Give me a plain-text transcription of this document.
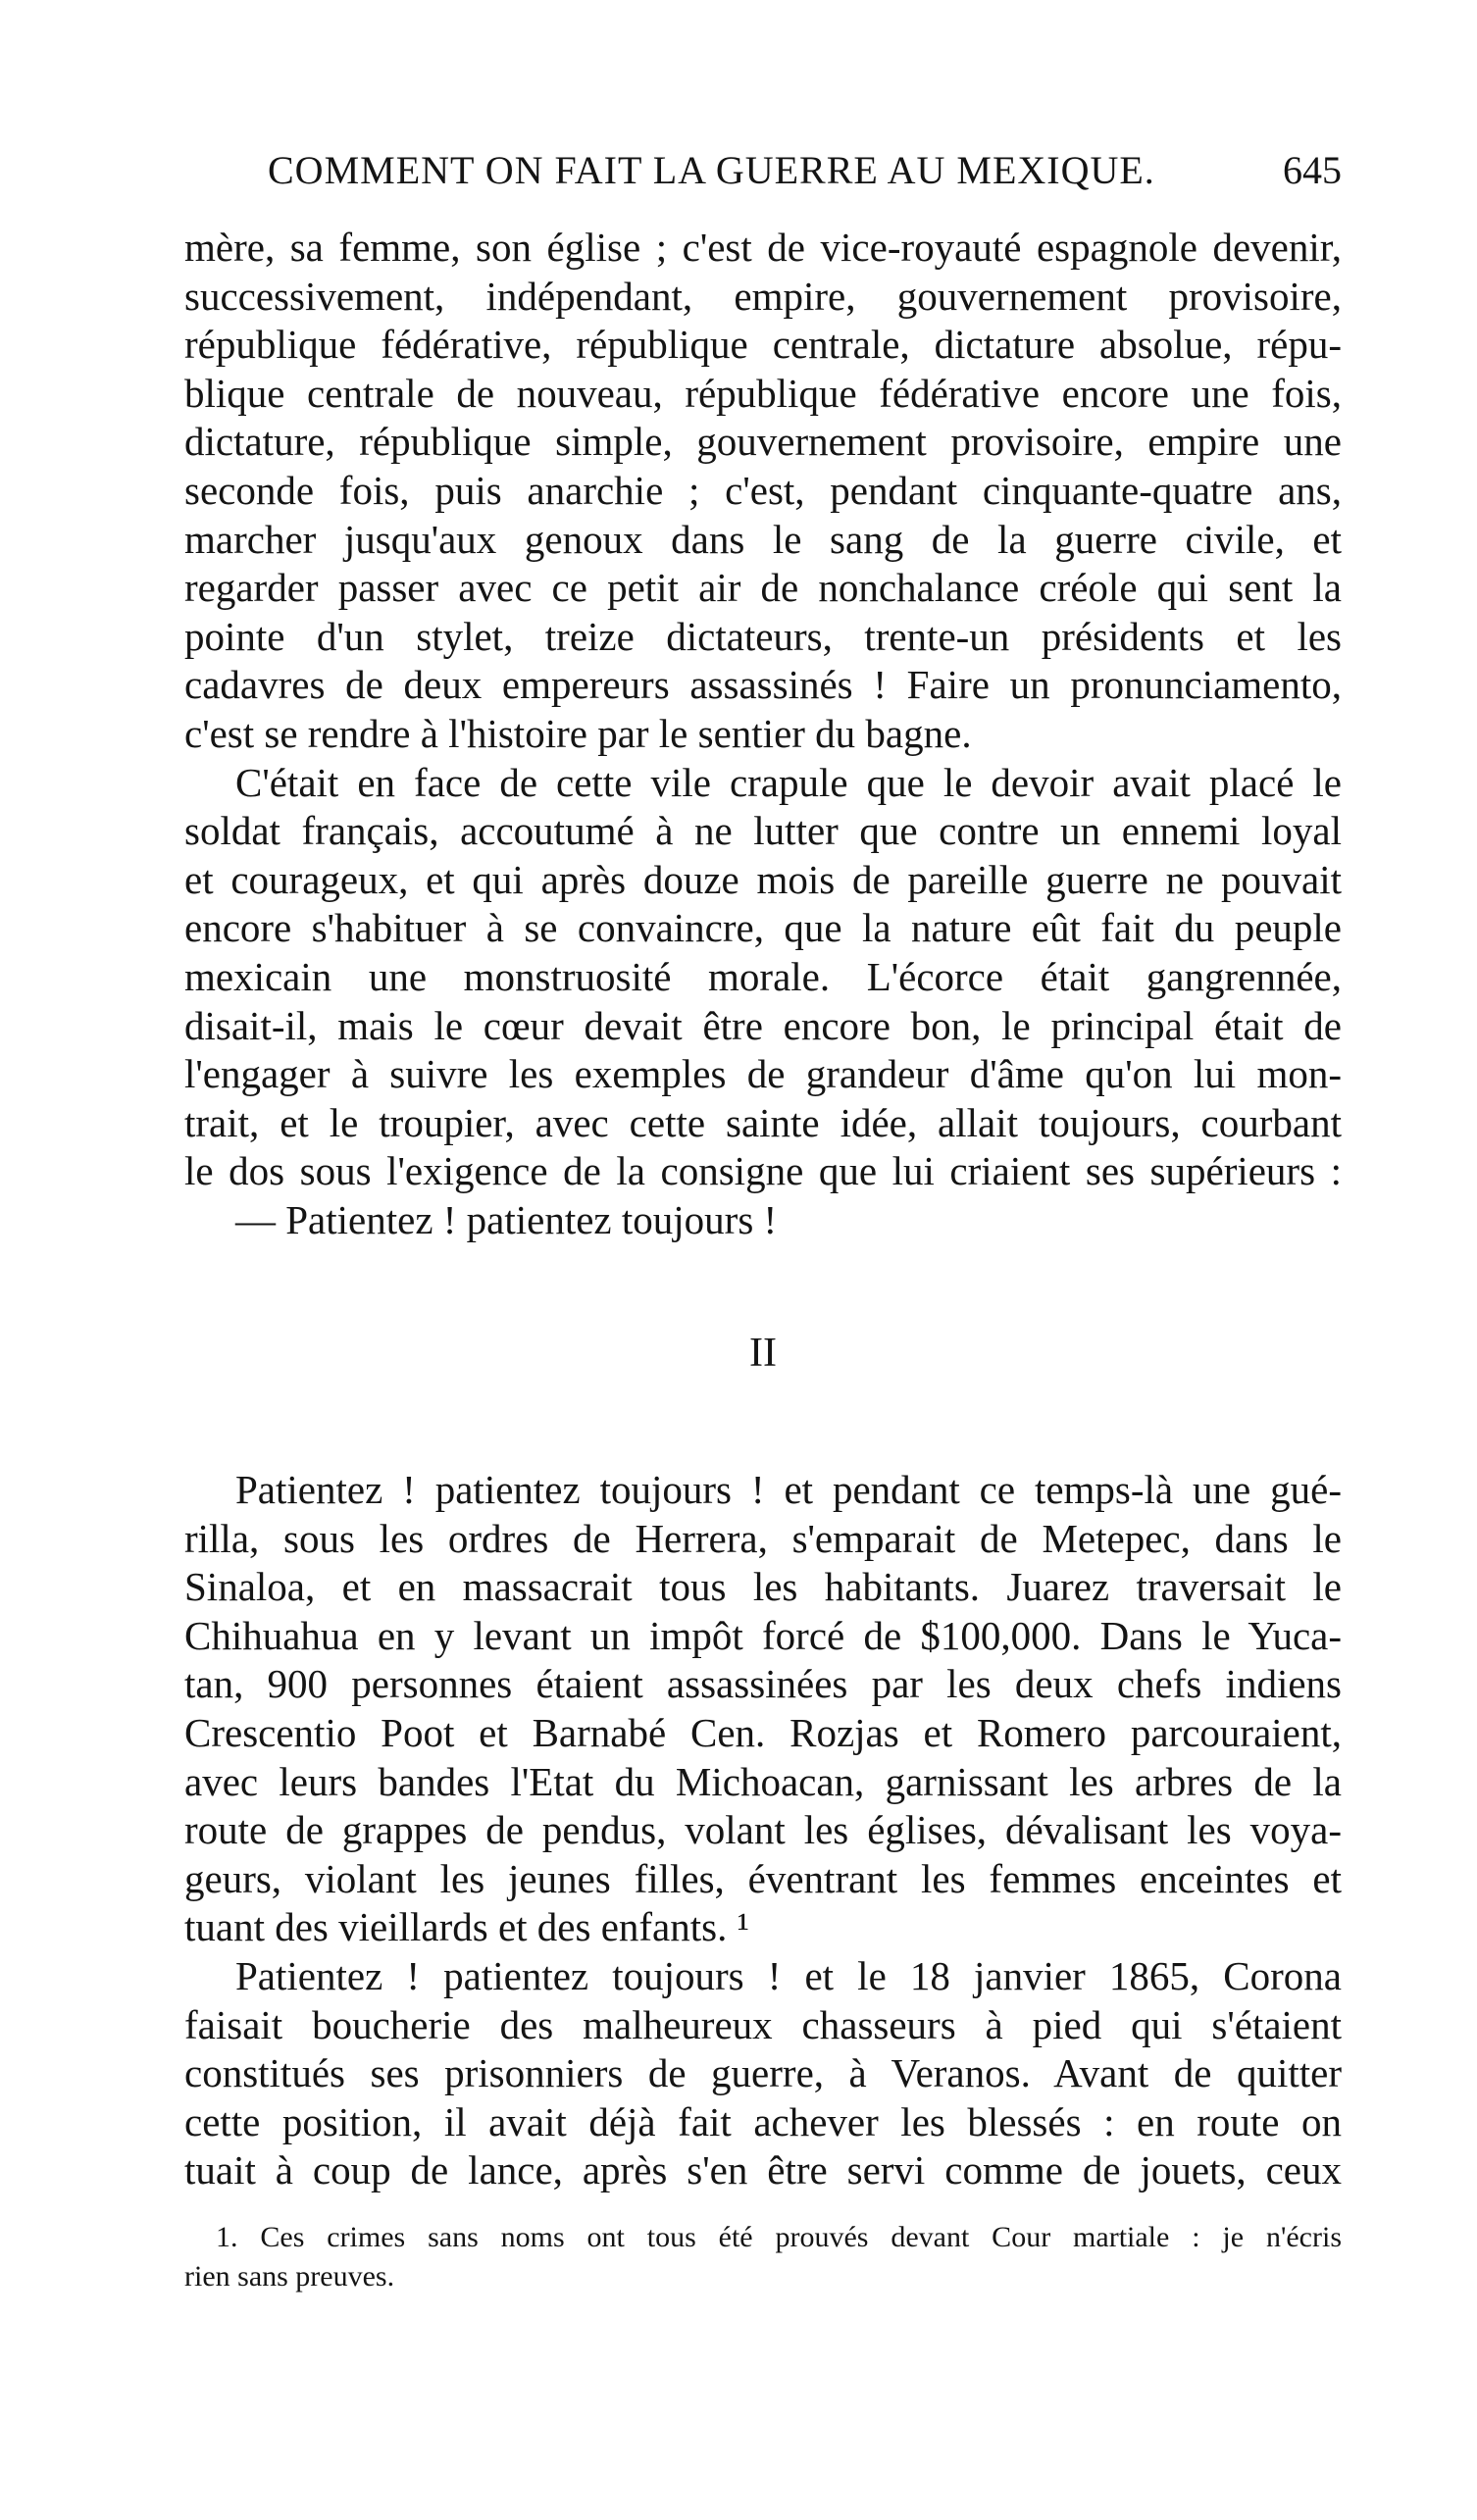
COMMENT ON FAIT LA GUERRE AU MEXIQUE.	645
mère, sa femme, son église ; c'est de vice-royauté espagnole devenir,
successivement, indépendant, empire, gouvernement provisoire,
république fédérative, république centrale, dictature absolue, répu-
blique centrale de nouveau, république fédérative encore une fois,
dictature, république simple, gouvernement provisoire, empire une
seconde fois, puis anarchie ; c'est, pendant cinquante-quatre ans,
marcher jusqu'aux genoux dans le sang de la guerre civile, et
regarder passer avec ce petit air de nonchalance créole qui sent la
pointe d'un stylet, treize dictateurs, trente-un présidents et les
cadavres de deux empereurs assassinés ! Faire un pronunciamento,
c'est se rendre à l'histoire par le sentier du bagne.
C'était en face de cette vile crapule que le devoir avait placé le
soldat français, accoutumé à ne lutter que contre un ennemi loyal
et courageux, et qui après douze mois de pareille guerre ne pouvait
encore s'habituer à se convaincre, que la nature eût fait du peuple
mexicain une monstruosité morale. L'écorce était gangrennée,
disait-il, mais le cœur devait être encore bon, le principal était de
l'engager à suivre les exemples de grandeur d'âme qu'on lui mon-
trait, et le troupier, avec cette sainte idée, allait toujours, courbant
le dos sous l'exigence de la consigne que lui criaient ses supérieurs :
— Patientez ! patientez toujours !
II
Patientez ! patientez toujours ! et pendant ce temps-là une gué-
rilla, sous les ordres de Herrera, s'emparait de Metepec, dans le
Sinaloa, et en massacrait tous les habitants. Juarez traversait le
Chihuahua en y levant un impôt forcé de $100,000. Dans le Yuca-
tan, 900 personnes étaient assassinées par les deux chefs indiens
Crescentio Poot et Barnabé Cen. Rozjas et Romero parcouraient,
avec leurs bandes l'Etat du Michoacan, garnissant les arbres de la
route de grappes de pendus, volant les églises, dévalisant les voya-
geurs, violant les jeunes filles, éventrant les femmes enceintes et
tuant des vieillards et des enfants. ¹
Patientez ! patientez toujours ! et le 18 janvier 1865, Corona
faisait boucherie des malheureux chasseurs à pied qui s'étaient
constitués ses prisonniers de guerre, à Veranos. Avant de quitter
cette position, il avait déjà fait achever les blessés : en route on
tuait à coup de lance, après s'en être servi comme de jouets, ceux
1. Ces crimes sans noms ont tous été prouvés devant Cour martiale : je n'écris
rien sans preuves.
